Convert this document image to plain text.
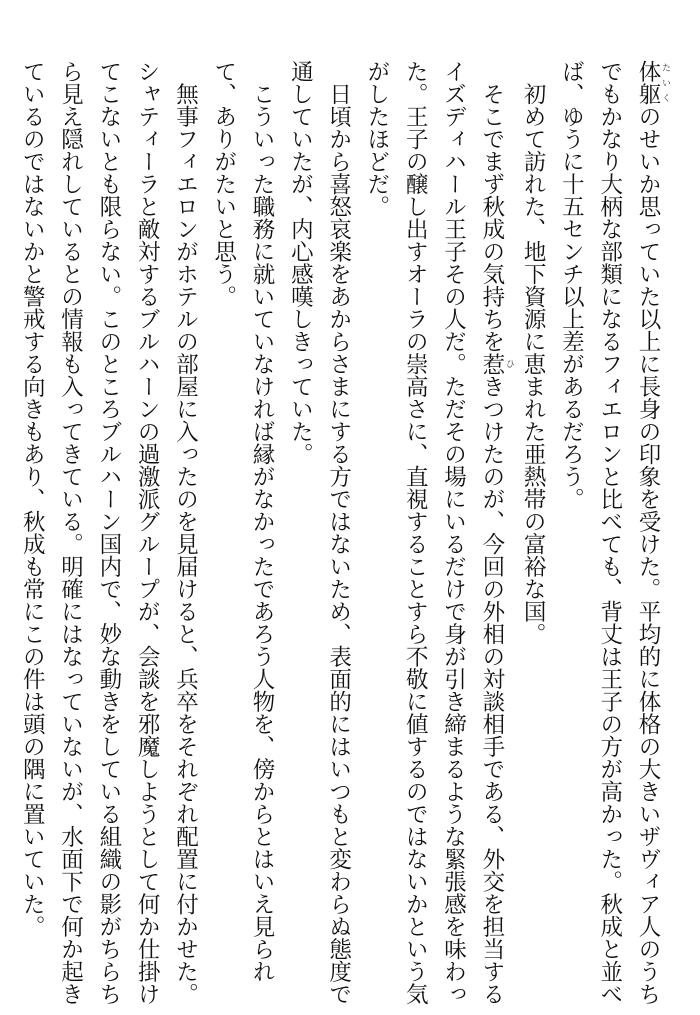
体躯 たいくのせいか思っていた以上に長身の印象を受けた。平均的に体格の大きいザヴィア人のうち
でもかなり大柄な部類になるフィエロンと比べても、背丈は王子の方が高かった。秋成と並べ
ば、ゆうに十五センチ以上差があるだろう。
　初めて訪れた、地下資源に恵まれた亜熱帯の富裕な国。
　そこでまず秋成の気持ちを惹 ひきつけたのが、今回の外相の対談相手である、外交を担当する
イズディハール王子その人だ。ただその場にいるだけで身が引き締まるような緊張感を味わっ
た。王子の醸し出すオーラの崇高さに、直視することすら不敬に値するのではないかという気
がしたほどだ。
　日頃から喜怒哀楽をあからさまにする方ではないため、表面的にはいつもと変わらぬ態度で
通していたが、内心感嘆しきっていた。
　こういった職務に就いていなければ縁がなかったであろう人物を、傍からとはいえ見られ
て、ありがたいと思う。
　無事フィエロンがホテルの部屋に入ったのを見届けると、兵卒をそれぞれ配置に付かせた。
シャティーラと敵対するブルハーンの過激派グループが、会談を邪魔しようとして何か仕掛け
てこないとも限らない。このところブルハーン国内で、妙な動きをしている組織の影がちらち
ら見え隠れしているとの情報も入ってきている。明確にはなっていないが、水面下で何か起き
ているのではないかと警戒する向きもあり、秋成も常にこの件は頭の隅に置いていた。
